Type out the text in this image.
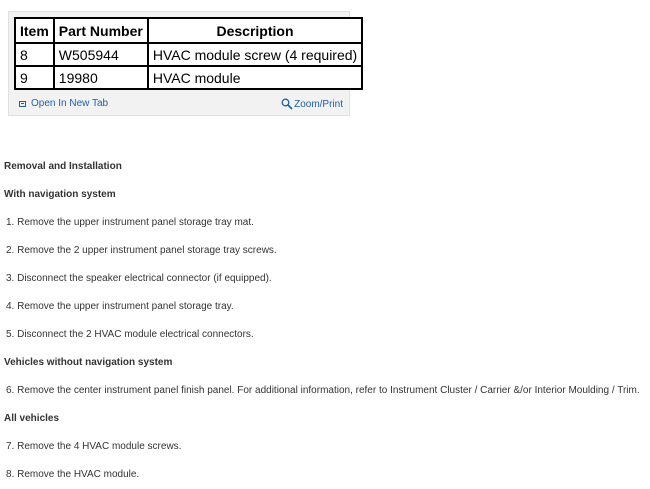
Item	Part Number	Description
8	W505944	HVAC module screw (4 required)
9	19980	HVAC module
Open In New Tab	Zoom/Print
Removal and Installation
With navigation system
1. Remove the upper instrument panel storage tray mat.
2. Remove the 2 upper instrument panel storage tray screws.
3. Disconnect the speaker electrical connector (if equipped).
4. Remove the upper instrument panel storage tray.
5. Disconnect the 2 HVAC module electrical connectors.
Vehicles without navigation system
6. Remove the center instrument panel finish panel. For additional information, refer to Instrument Cluster / Carrier &/or Interior Moulding / Trim.
All vehicles
7. Remove the 4 HVAC module screws.
8. Remove the HVAC module.
